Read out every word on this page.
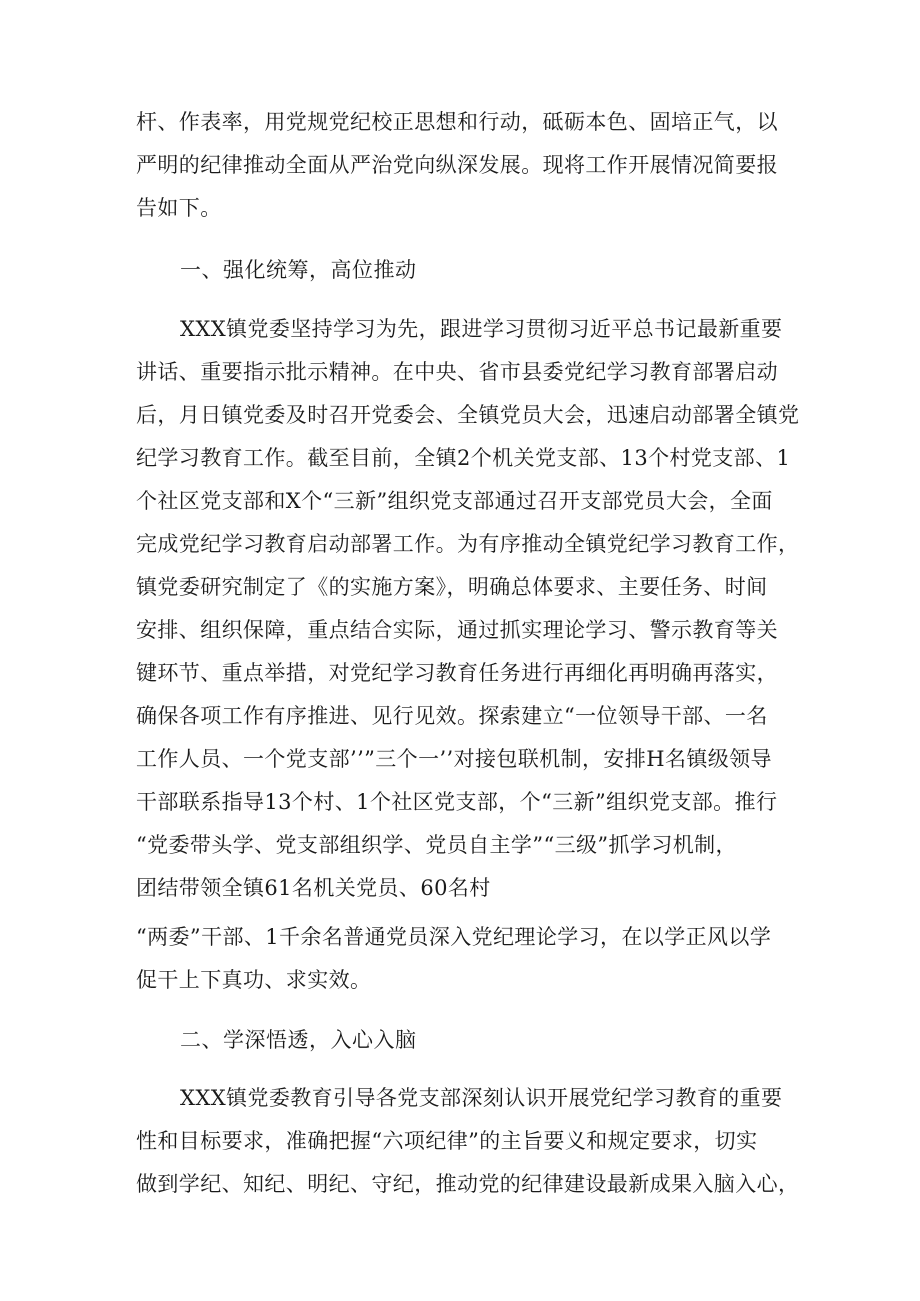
杆、作表率，用党规党纪校正思想和行动，砥砺本色、固培正气，以
严明的纪律推动全面从严治党向纵深发展。现将工作开展情况简要报
告如下。
一、强化统筹，高位推动
XXX镇党委坚持学习为先，跟进学习贯彻习近平总书记最新重要
讲话、重要指示批示精神。在中央、省市县委党纪学习教育部署启动
后，月日镇党委及时召开党委会、全镇党员大会，迅速启动部署全镇党
纪学习教育工作。截至目前，全镇2个机关党支部、13个村党支部、1
个社区党支部和X个“三新”组织党支部通过召开支部党员大会，全面
完成党纪学习教育启动部署工作。为有序推动全镇党纪学习教育工作，
镇党委研究制定了《的实施方案》，明确总体要求、主要任务、时间
安排、组织保障，重点结合实际，通过抓实理论学习、警示教育等关
键环节、重点举措，对党纪学习教育任务进行再细化再明确再落实，
确保各项工作有序推进、见行见效。探索建立“一位领导干部、一名
工作人员、一个党支部’’”三个一’’对接包联机制，安排H名镇级领导
干部联系指导13个村、1个社区党支部，个“三新”组织党支部。推行
“党委带头学、党支部组织学、党员自主学”“三级”抓学习机制，
团结带领全镇61名机关党员、60名村
“两委”干部、1千余名普通党员深入党纪理论学习，在以学正风以学
促干上下真功、求实效。
二、学深悟透，入心入脑
XXX镇党委教育引导各党支部深刻认识开展党纪学习教育的重要
性和目标要求，准确把握“六项纪律”的主旨要义和规定要求，切实
做到学纪、知纪、明纪、守纪，推动党的纪律建设最新成果入脑入心，
